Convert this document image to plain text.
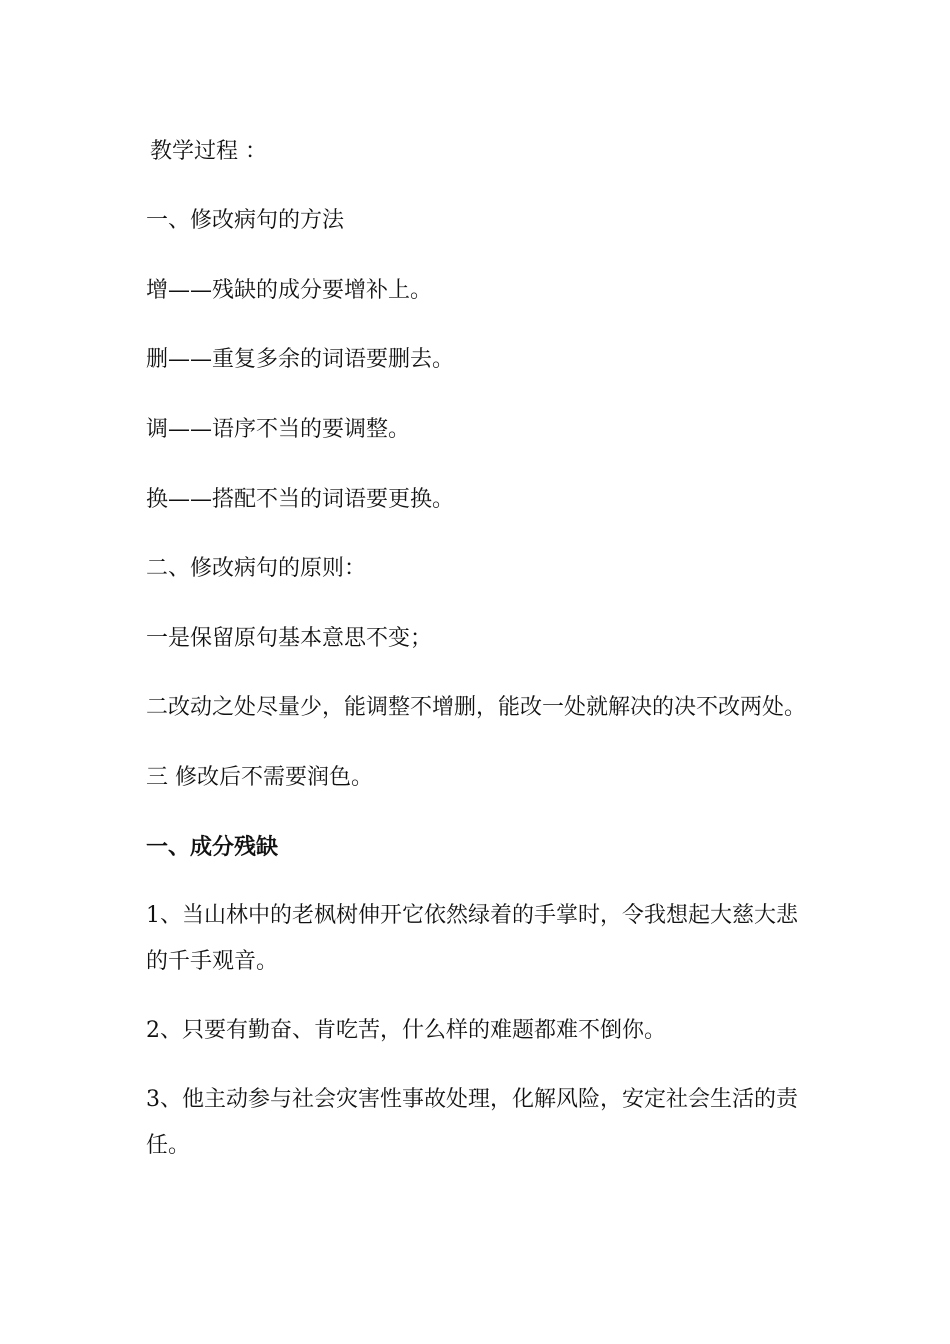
教学过程 ：
一、修改病句的方法
增——残缺的成分要增补上。
删——重复多余的词语要删去。
调——语序不当的要调整。
换——搭配不当的词语要更换。
二、修改病句的原则：
一是保留原句基本意思不变；
二改动之处尽量少，能调整不增删，能改一处就解决的决不改两处。
三 修改后不需要润色。
一、成分残缺
1、当山林中的老枫树伸开它依然绿着的手掌时，令我想起大慈大悲
的千手观音。
2、只要有勤奋、肯吃苦，什么样的难题都难不倒你。
3、他主动参与社会灾害性事故处理，化解风险，安定社会生活的责
任。
